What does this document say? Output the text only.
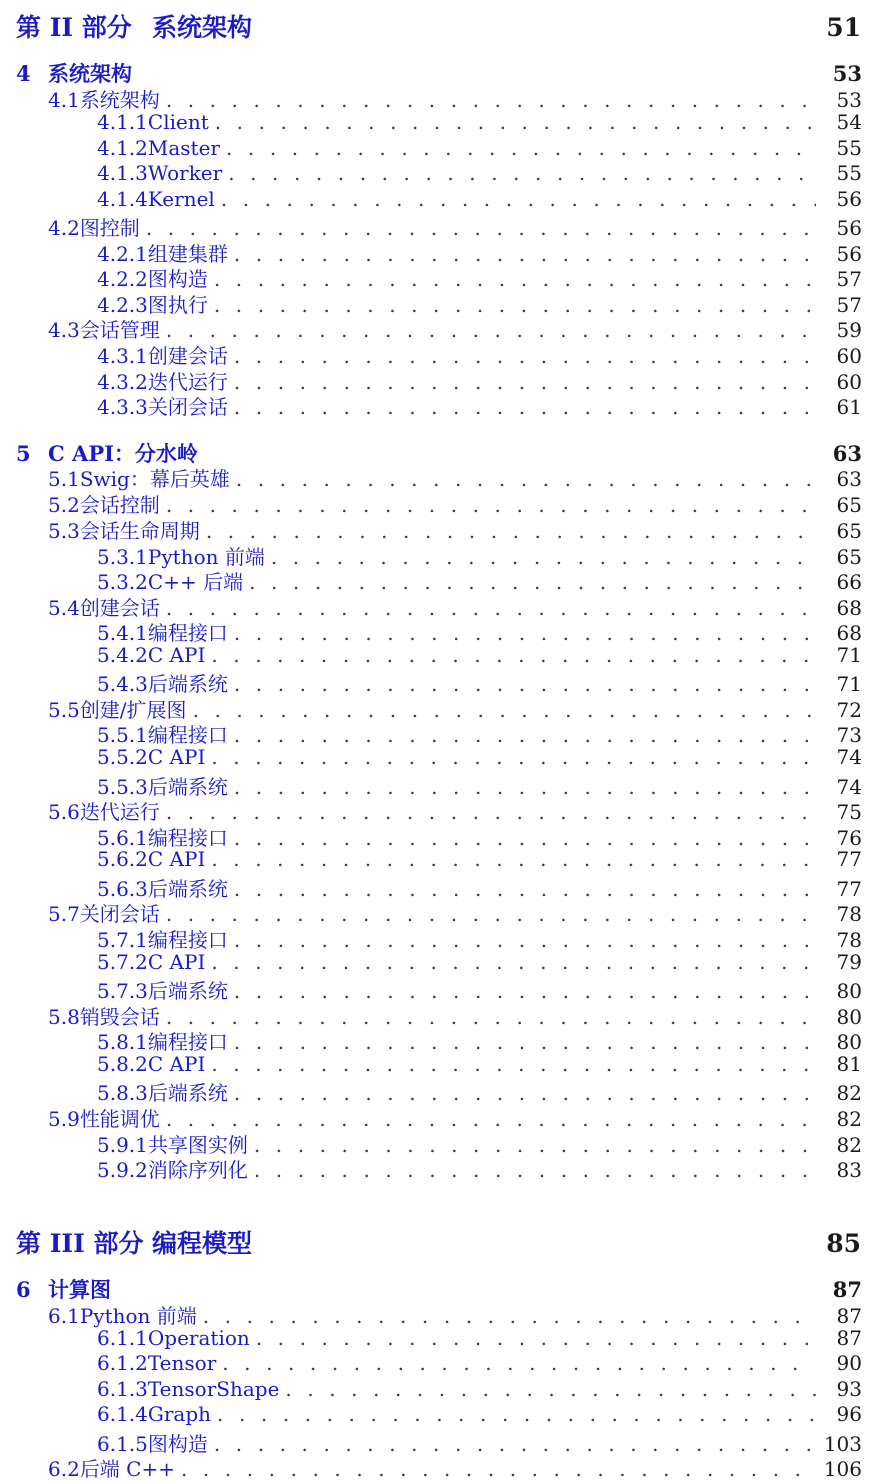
第 II 部分 系统架构	51
4 系统架构	53
4.1 系统架构 . . .	53
4.1.1 Client . . .	54
4.1.2 Master . . .	55
4.1.3 Worker . . .	55
4.1.4 Kernel . . .	56
4.2 图控制 . . .	56
4.2.1 组建集群 . . .	56
4.2.2 图构造 . . .	57
4.2.3 图执行 . . .	57
4.3 会话管理 . . .	59
4.3.1 创建会话 . . .	60
4.3.2 迭代运行 . . .	60
4.3.3 关闭会话 . . .	61
5 C API：分水岭	63
5.1 Swig：幕后英雄 . . .	63
5.2 会话控制 . . .	65
5.3 会话生命周期 . . .	65
5.3.1 Python 前端 . . .	65
5.3.2 C++ 后端 . . .	66
5.4 创建会话 . . .	68
5.4.1 编程接口 . . .	68
5.4.2 C API . . .	71
5.4.3 后端系统 . . .	71
5.5 创建/扩展图 . . .	72
5.5.1 编程接口 . . .	73
5.5.2 C API . . .	74
5.5.3 后端系统 . . .	74
5.6 迭代运行 . . .	75
5.6.1 编程接口 . . .	76
5.6.2 C API . . .	77
5.6.3 后端系统 . . .	77
5.7 关闭会话 . . .	78
5.7.1 编程接口 . . .	78
5.7.2 C API . . .	79
5.7.3 后端系统 . . .	80
5.8 销毁会话 . . .	80
5.8.1 编程接口 . . .	80
5.8.2 C API . . .	81
5.8.3 后端系统 . . .	82
5.9 性能调优 . . .	82
5.9.1 共享图实例 . . .	82
5.9.2 消除序列化 . . .	83
第 III 部分 编程模型	85
6 计算图	87
6.1 Python 前端 . . .	87
6.1.1 Operation . . .	87
6.1.2 Tensor . . .	90
6.1.3 TensorShape . . .	93
6.1.4 Graph . . .	96
6.1.5 图构造 . . .	103
6.2 后端 C++ . . .	106
